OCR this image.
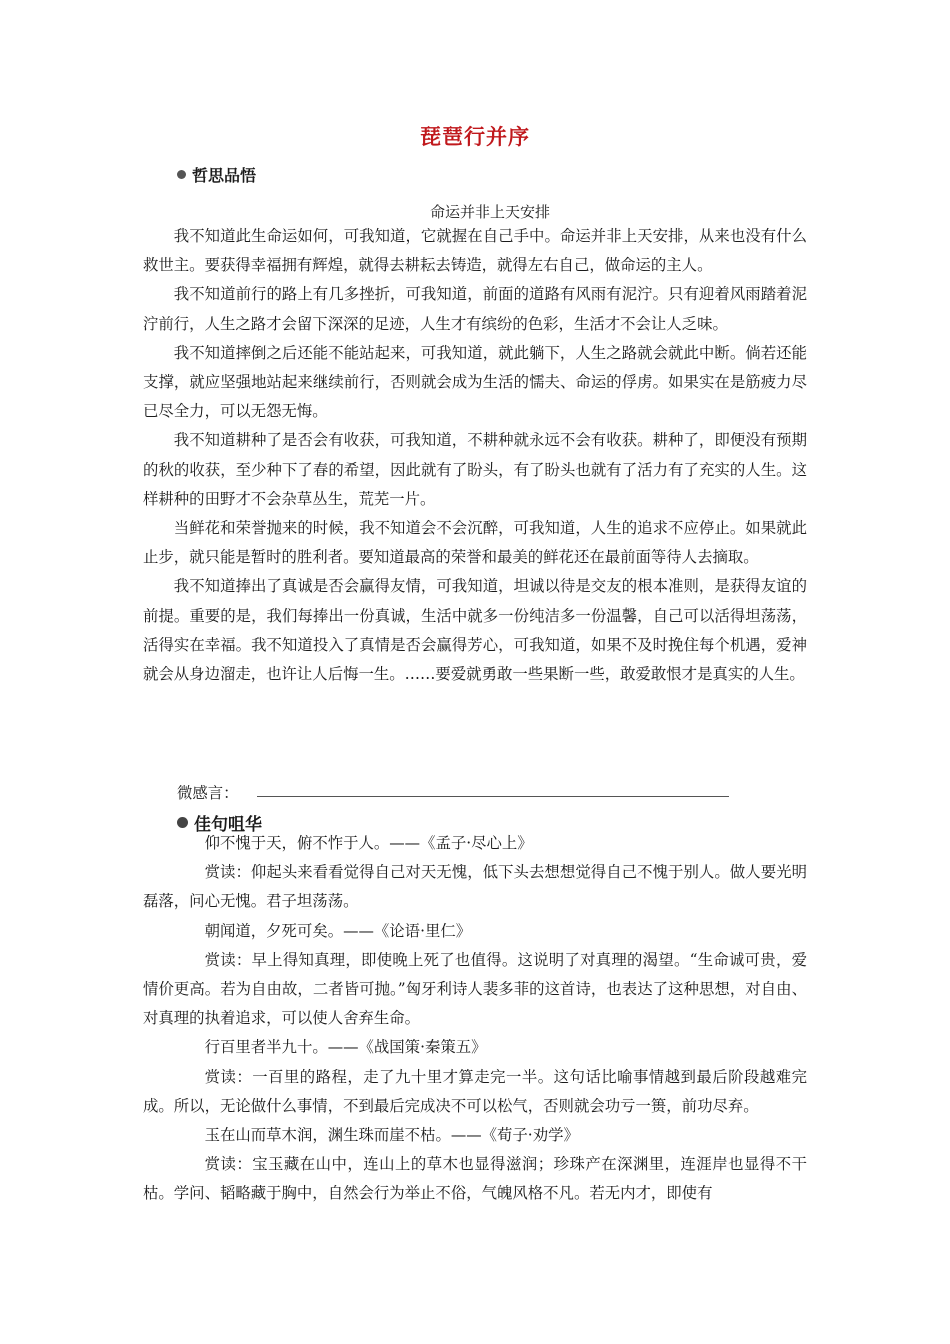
琵琶行并序
哲思品悟
命运并非上天安排

我不知道此生命运如何，可我知道，它就握在自己手中。命运并非上天安排，从来也没有什么救世主。要获得幸福拥有辉煌，就得去耕耘去铸造，就得左右自己，做命运的主人。

我不知道前行的路上有几多挫折，可我知道，前面的道路有风雨有泥泞。只有迎着风雨踏着泥泞前行，人生之路才会留下深深的足迹，人生才有缤纷的色彩，生活才不会让人乏味。

我不知道摔倒之后还能不能站起来，可我知道，就此躺下，人生之路就会就此中断。倘若还能支撑，就应坚强地站起来继续前行，否则就会成为生活的懦夫、命运的俘虏。如果实在是筋疲力尽已尽全力，可以无怨无悔。

我不知道耕种了是否会有收获，可我知道，不耕种就永远不会有收获。耕种了，即便没有预期的秋的收获，至少种下了春的希望，因此就有了盼头，有了盼头也就有了活力有了充实的人生。这样耕种的田野才不会杂草丛生，荒芜一片。

当鲜花和荣誉抛来的时候，我不知道会不会沉醉，可我知道，人生的追求不应停止。如果就此止步，就只能是暂时的胜利者。要知道最高的荣誉和最美的鲜花还在最前面等待人去摘取。

我不知道捧出了真诚是否会赢得友情，可我知道，坦诚以待是交友的根本准则，是获得友谊的前提。重要的是，我们每捧出一份真诚，生活中就多一份纯洁多一份温馨，自己可以活得坦荡荡，活得实在幸福。我不知道投入了真情是否会赢得芳心，可我知道，如果不及时挽住每个机遇，爱神就会从身边溜走，也许让人后悔一生。……要爱就勇敢一些果断一些，敢爱敢恨才是真实的人生。

微感言：
佳句咀华

仰不愧于天，俯不怍于人。——《孟子·尽心上》

赏读：仰起头来看看觉得自己对天无愧，低下头去想想觉得自己不愧于别人。做人要光明磊落，问心无愧。君子坦荡荡。

朝闻道，夕死可矣。——《论语·里仁》

赏读：早上得知真理，即使晚上死了也值得。这说明了对真理的渴望。“生命诚可贵，爱情价更高。若为自由故，二者皆可抛。”匈牙利诗人裴多菲的这首诗，也表达了这种思想，对自由、对真理的执着追求，可以使人舍弃生命。

行百里者半九十。——《战国策·秦策五》

赏读：一百里的路程，走了九十里才算走完一半。这句话比喻事情越到最后阶段越难完成。所以，无论做什么事情，不到最后完成决不可以松气，否则就会功亏一篑，前功尽弃。

玉在山而草木润，渊生珠而崖不枯。——《荀子·劝学》

赏读：宝玉藏在山中，连山上的草木也显得滋润；珍珠产在深渊里，连涯岸也显得不干枯。学问、韬略藏于胸中，自然会行为举止不俗，气魄风格不凡。若无内才，即使有
